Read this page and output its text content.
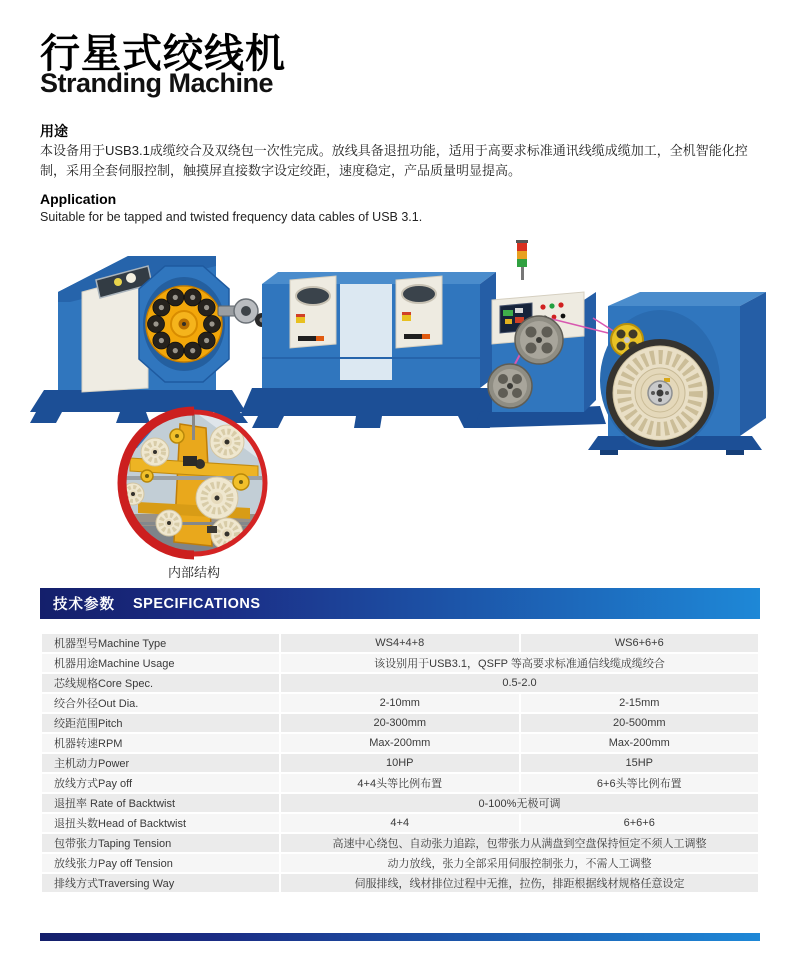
行星式绞线机
Stranding Machine
用途
本设备用于USB3.1成缆绞合及双绕包一次性完成。放线具备退扭功能，适用于高要求标准通讯线缆成缆加工，全机智能化控制，采用全套伺服控制，触摸屏直接数字设定绞距，速度稳定，产品质量明显提高。
Application
Suitable for be tapped and twisted frequency data cables of USB 3.1.
内部结构
技术参数 SPECIFICATIONS
机器型号Machine Type	WS4+4+8	WS6+6+6
机器用途Machine Usage	该设别用于USB3.1，QSFP 等高要求标准通信线缆成缆绞合	
芯线规格Core Spec.	0.5-2.0	
绞合外径Out Dia.	2-10mm	2-15mm
绞距范围Pitch	20-300mm	20-500mm
机器转速RPM	Max-200mm	Max-200mm
主机动力Power	10HP	15HP
放线方式Pay off	4+4头等比例布置	6+6头等比例布置
退扭率 Rate of Backtwist	0-100%无极可调	
退扭头数Head of Backtwist	4+4	6+6+6
包带张力Taping Tension	高速中心绕包、自动张力追踪，包带张力从满盘到空盘保持恒定不须人工调整	
放线张力Pay off Tension	动力放线，张力全部采用伺服控制张力，不需人工调整	
排线方式Traversing Way	伺服排线，线材排位过程中无推，拉伤，排距根据线材规格任意设定	
